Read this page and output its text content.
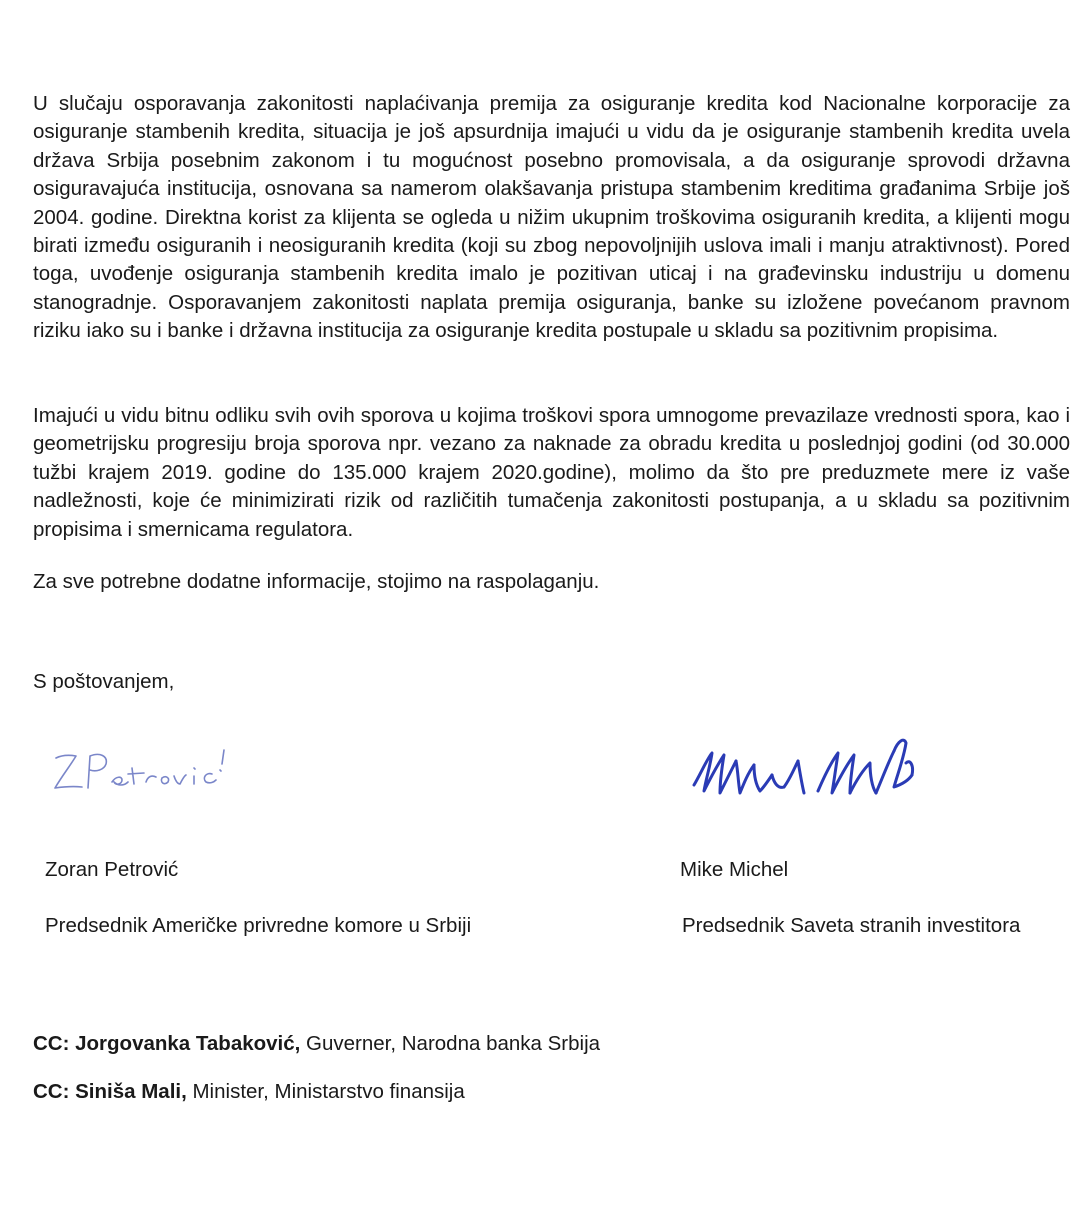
U slučaju osporavanja zakonitosti naplaćivanja premija za osiguranje kredita kod Nacionalne korporacije za osiguranje stambenih kredita, situacija je još apsurdnija imajući u vidu da je osiguranje stambenih kredita uvela država Srbija posebnim zakonom i tu mogućnost posebno promovisala, a da osiguranje sprovodi državna osiguravajuća institucija, osnovana sa namerom olakšavanja pristupa stambenim kreditima građanima Srbije još 2004. godine. Direktna korist za klijenta se ogleda u nižim ukupnim troškovima osiguranih kredita, a klijenti mogu birati između osiguranih i neosiguranih kredita (koji su zbog nepovoljnijih uslova imali i manju atraktivnost). Pored toga, uvođenje osiguranja stambenih kredita imalo je pozitivan uticaj i na građevinsku industriju u domenu stanogradnje. Osporavanjem zakonitosti naplata premija osiguranja, banke su izložene povećanom pravnom riziku iako su i banke i državna institucija za osiguranje kredita postupale u skladu sa pozitivnim propisima.

Imajući u vidu bitnu odliku svih ovih sporova u kojima troškovi spora umnogome prevazilaze vrednosti spora, kao i geometrijsku progresiju broja sporova npr. vezano za naknade za obradu kredita u poslednjoj godini (od 30.000 tužbi krajem 2019. godine do 135.000 krajem 2020.godine), molimo da što pre preduzmete mere iz vaše nadležnosti, koje će minimizirati rizik od različitih tumačenja zakonitosti postupanja, a u skladu sa pozitivnim propisima i smernicama regulatora.

Za sve potrebne dodatne informacije, stojimo na raspolaganju.

S poštovanjem,

Zoran Petrović

Predsednik Američke privredne komore u Srbiji

Mike Michel

Predsednik Saveta stranih investitora

CC: Jorgovanka Tabaković, Guverner, Narodna banka Srbija

CC: Siniša Mali, Minister, Ministarstvo finansija
